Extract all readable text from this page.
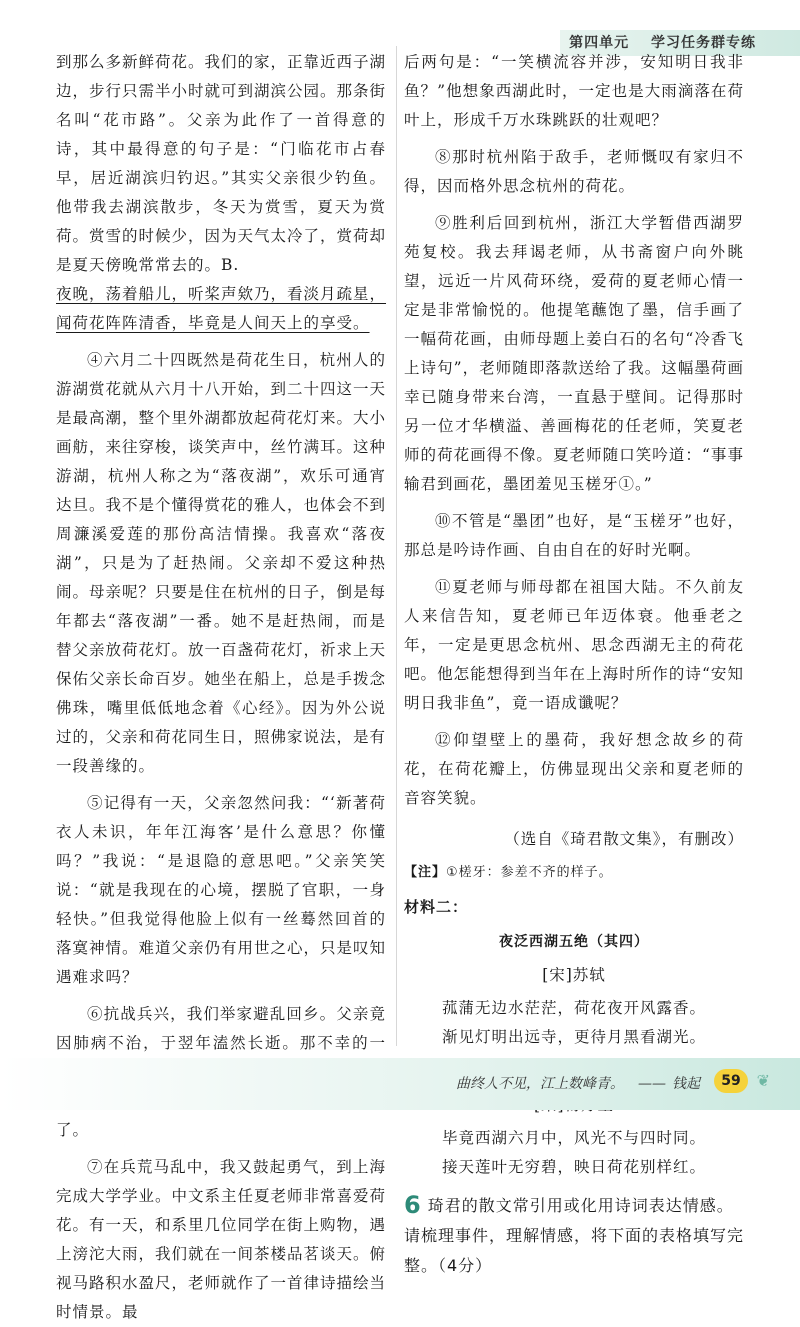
第四单元 学习任务群专练

到那么多新鲜荷花。我们的家，正靠近西子湖边，步行只需半小时就可到湖滨公园。那条街名叫“花市路”。父亲为此作了一首得意的诗，其中最得意的句子是：“门临花市占春早，居近湖滨归钓迟。”其实父亲很少钓鱼。他带我去湖滨散步，冬天为赏雪，夏天为赏荷。赏雪的时候少，因为天气太冷了，赏荷却是夏天傍晚常常去的。B.

夜晚，荡着船儿，听桨声欸乃，看淡月疏星，闻荷花阵阵清香，毕竟是人间天上的享受。

④六月二十四既然是荷花生日，杭州人的游湖赏花就从六月十八开始，到二十四这一天是最高潮，整个里外湖都放起荷花灯来。大小画舫，来往穿梭，谈笑声中，丝竹满耳。这种游湖，杭州人称之为“落夜湖”，欢乐可通宵达旦。我不是个懂得赏花的雅人，也体会不到周濂溪爱莲的那份高洁情操。我喜欢“落夜湖”，只是为了赶热闹。父亲却不爱这种热闹。母亲呢？只要是住在杭州的日子，倒是每年都去“落夜湖”一番。她不是赶热闹，而是替父亲放荷花灯。放一百盏荷花灯，祈求上天保佑父亲长命百岁。她坐在船上，总是手拨念佛珠，嘴里低低地念着《心经》。因为外公说过的，父亲和荷花同生日，照佛家说法，是有一段善缘的。

⑤记得有一天，父亲忽然问我：“‘新著荷衣人未识，年年江海客’是什么意思？你懂吗？”我说：“是退隐的意思吧。”父亲笑笑说：“就是我现在的心境，摆脱了官职，一身轻快。”但我觉得他脸上似有一丝蓦然回首的落寞神情。难道父亲仍有用世之心，只是叹知遇难求吗？

⑥抗战兵兴，我们举家避乱回乡。父亲竟因肺病不治，于翌年溘然长逝。那不幸的一 了。

⑦在兵荒马乱中，我又鼓起勇气，到上海完成大学学业。中文系主任夏老师非常喜爱荷花。有一天，和系里几位同学在街上购物，遇上滂沱大雨，我们就在一间茶楼品茗谈天。俯视马路积水盈尺，老师就作了一首律诗描绘当时情景。最

后两句是：“一笑横流容并涉，安知明日我非鱼？”他想象西湖此时，一定也是大雨滴落在荷叶上，形成千万水珠跳跃的壮观吧？

⑧那时杭州陷于敌手，老师慨叹有家归不得，因而格外思念杭州的荷花。

⑨胜利后回到杭州，浙江大学暂借西湖罗苑复校。我去拜谒老师，从书斋窗户向外眺望，远近一片风荷环绕，爱荷的夏老师心情一定是非常愉悦的。他提笔蘸饱了墨，信手画了一幅荷花画，由师母题上姜白石的名句“冷香飞上诗句”，老师随即落款送给了我。这幅墨荷画幸已随身带来台湾，一直悬于壁间。记得那时另一位才华横溢、善画梅花的任老师，笑夏老师的荷花画得不像。夏老师随口笑吟道：“事事输君到画花，墨团羞见玉槎牙①。”

⑩不管是“墨团”也好，是“玉槎牙”也好，那总是吟诗作画、自由自在的好时光啊。

⑪夏老师与师母都在祖国大陆。不久前友人来信告知，夏老师已年迈体衰。他垂老之年，一定是更思念杭州、思念西湖无主的荷花吧。他怎能想得到当年在上海时所作的诗“安知明日我非鱼”，竟一语成谶呢？

⑫仰望壁上的墨荷，我好想念故乡的荷花，在荷花瓣上，仿佛显现出父亲和夏老师的音容笑貌。

（选自《琦君散文集》，有删改）
【注】①槎牙：参差不齐的样子。
材料二：
夜泛西湖五绝（其四）
[宋]苏轼
菰蒲无边水茫茫，荷花夜开风露香。
渐见灯明出远寺，更待月黑看湖光。
毕竟西湖六月中，风光不与四时同。
接天莲叶无穷碧，映日荷花别样红。
6 琦君的散文常引用或化用诗词表达情感。请梳理事件，理解情感，将下面的表格填写完整。（4分）
曲终人不见，江上数峰青。 —— 钱起	59 ❦
